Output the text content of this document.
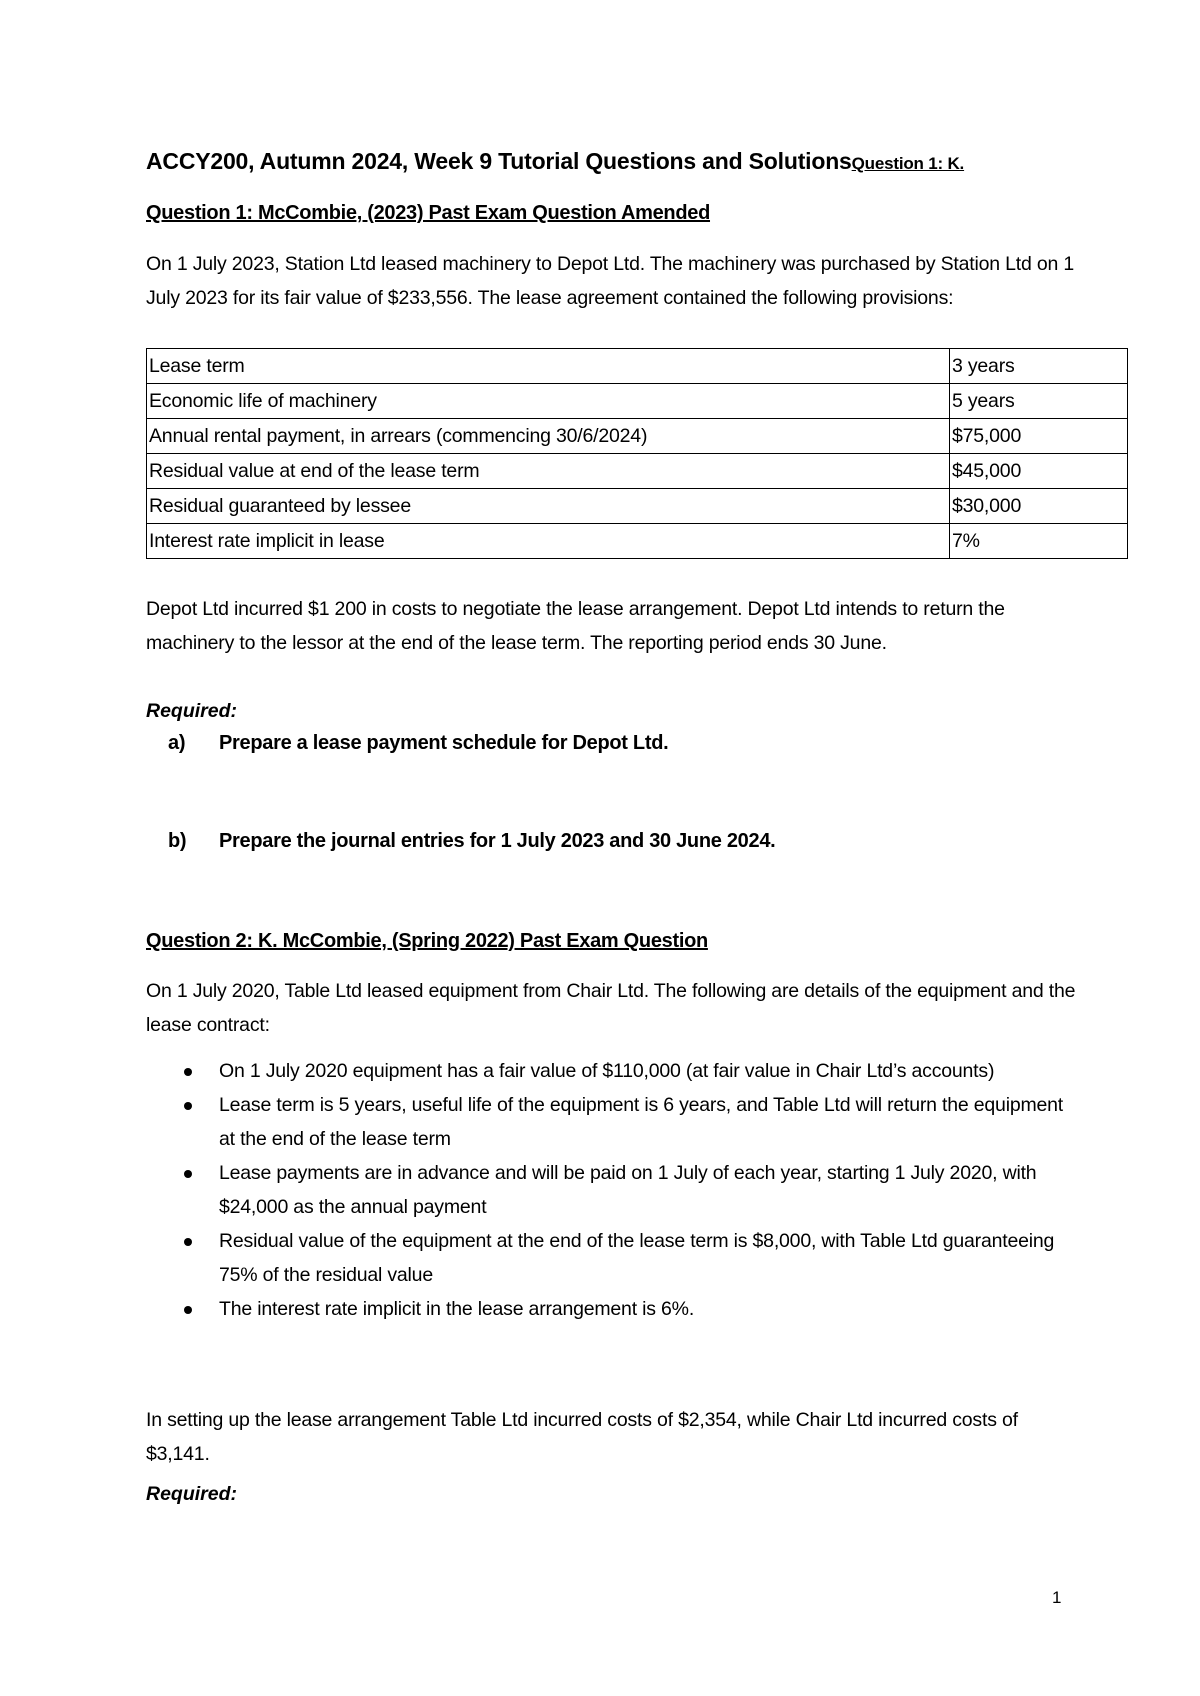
ACCY200, Autumn 2024, Week 9 Tutorial Questions and SolutionsQuestion 1: K.
Question 1: McCombie, (2023) Past Exam Question Amended
On 1 July 2023, Station Ltd leased machinery to Depot Ltd. The machinery was purchased by Station Ltd on 1 July 2023 for its fair value of $233,556. The lease agreement contained the following provisions:
Lease term	3 years
Economic life of machinery	5 years
Annual rental payment, in arrears (commencing 30/6/2024)	$75,000
Residual value at end of the lease term	$45,000
Residual guaranteed by lessee	$30,000
Interest rate implicit in lease	7%
Depot Ltd incurred $1 200 in costs to negotiate the lease arrangement. Depot Ltd intends to return the machinery to the lessor at the end of the lease term. The reporting period ends 30 June.
Required:
a) Prepare a lease payment schedule for Depot Ltd.
b) Prepare the journal entries for 1 July 2023 and 30 June 2024.
Question 2: K. McCombie, (Spring 2022) Past Exam Question
On 1 July 2020, Table Ltd leased equipment from Chair Ltd. The following are details of the equipment and the lease contract:
On 1 July 2020 equipment has a fair value of $110,000 (at fair value in Chair Ltd’s accounts)
Lease term is 5 years, useful life of the equipment is 6 years, and Table Ltd will return the equipment at the end of the lease term
Lease payments are in advance and will be paid on 1 July of each year, starting 1 July 2020, with $24,000 as the annual payment
Residual value of the equipment at the end of the lease term is $8,000, with Table Ltd guaranteeing 75% of the residual value
The interest rate implicit in the lease arrangement is 6%.
In setting up the lease arrangement Table Ltd incurred costs of $2,354, while Chair Ltd incurred costs of $3,141.
Required:
1
